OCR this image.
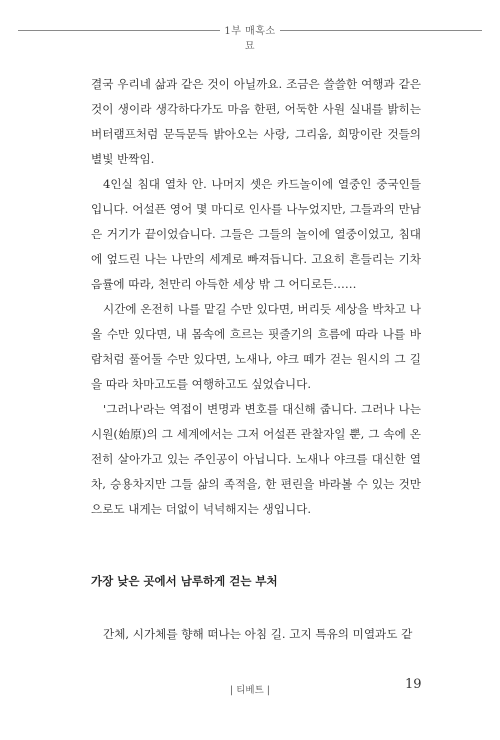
1부 매혹소묘

결국 우리네 삶과 같은 것이 아닐까요. 조금은 쓸쓸한 여행과 같은 것이 생이라 생각하다가도 마음 한편, 어둑한 사원 실내를 밝히는 버터램프처럼 문득문득 밝아오는 사랑, 그리움, 희망이란 것들의 별빛 반짝임.

4인실 침대 열차 안. 나머지 셋은 카드놀이에 열중인 중국인들입니다. 어설픈 영어 몇 마디로 인사를 나누었지만, 그들과의 만남은 거기가 끝이었습니다. 그들은 그들의 놀이에 열중이었고, 침대에 엎드린 나는 나만의 세계로 빠져듭니다. 고요히 흔들리는 기차 음률에 따라, 천만리 아득한 세상 밖 그 어디로든……

시간에 온전히 나를 맡길 수만 있다면, 버리듯 세상을 박차고 나올 수만 있다면, 내 몸속에 흐르는 핏줄기의 흐름에 따라 나를 바람처럼 풀어둘 수만 있다면, 노새나, 야크 떼가 걷는 원시의 그 길을 따라 차마고도를 여행하고도 싶었습니다.

'그러나'라는 역접이 변명과 변호를 대신해 줍니다. 그러나 나는 시원(始原)의 그 세계에서는 그저 어설픈 관찰자일 뿐, 그 속에 온전히 살아가고 있는 주인공이 아닙니다. 노새나 야크를 대신한 열차, 승용차지만 그들 삶의 족적을, 한 편린을 바라볼 수 있는 것만으로도 내게는 더없이 넉넉해지는 생입니다.

가장 낮은 곳에서 남루하게 걷는 부처
간체, 시가체를 향해 떠나는 아침 길. 고지 특유의 미열과도 같
| 티베트 |	19
